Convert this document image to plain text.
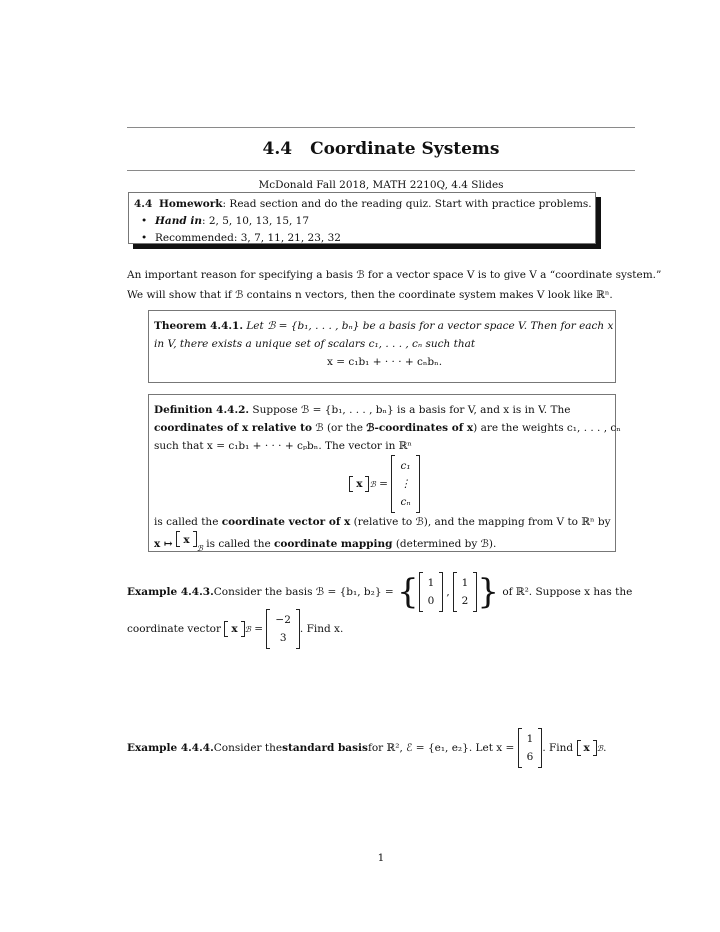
4.4 Coordinate Systems
McDonald Fall 2018, MATH 2210Q, 4.4 Slides
4.4 Homework: Read section and do the reading quiz. Start with practice problems.
• Hand in: 2, 5, 10, 13, 15, 17
• Recommended: 3, 7, 11, 21, 23, 32

An important reason for specifying a basis ℬ for a vector space V is to give V a “coordinate system.”

We will show that if ℬ contains n vectors, then the coordinate system makes V look like ℝⁿ.

Theorem 4.4.1. Let ℬ = {b₁, . . . , bₙ} be a basis for a vector space V. Then for each x
in V, there exists a unique set of scalars c₁, . . . , cₙ such that
x = c₁b₁ + · · · + cₙbₙ.
Definition 4.4.2. Suppose ℬ = {b₁, . . . , bₙ} is a basis for V, and x is in V. The
coordinates of x relative to ℬ (or the ℬ-coordinates of x) are the weights c₁, . . . , cₙ
such that x = c₁b₁ + · · · + cₚbₙ. The vector in ℝⁿ
x ℬ
=

c₁
⋮
cₙ
is called the coordinate vector of x (relative to ℬ), and the mapping from V to ℝⁿ by
x ↦ x
$_ℬ$ is called the coordinate mapping (determined by ℬ).
Example 4.4.3. Consider the basis ℬ = {b₁, b₂} =
{ 1
0
,
1
2 }
of ℝ². Suppose x has the
coordinate vector
x ℬ
=

−2
3
. Find x.
Example 4.4.4. Consider the standard basis for ℝ², ℰ = {e₁, e₂}. Let x =

1
6
. Find
x ℬ .
1
